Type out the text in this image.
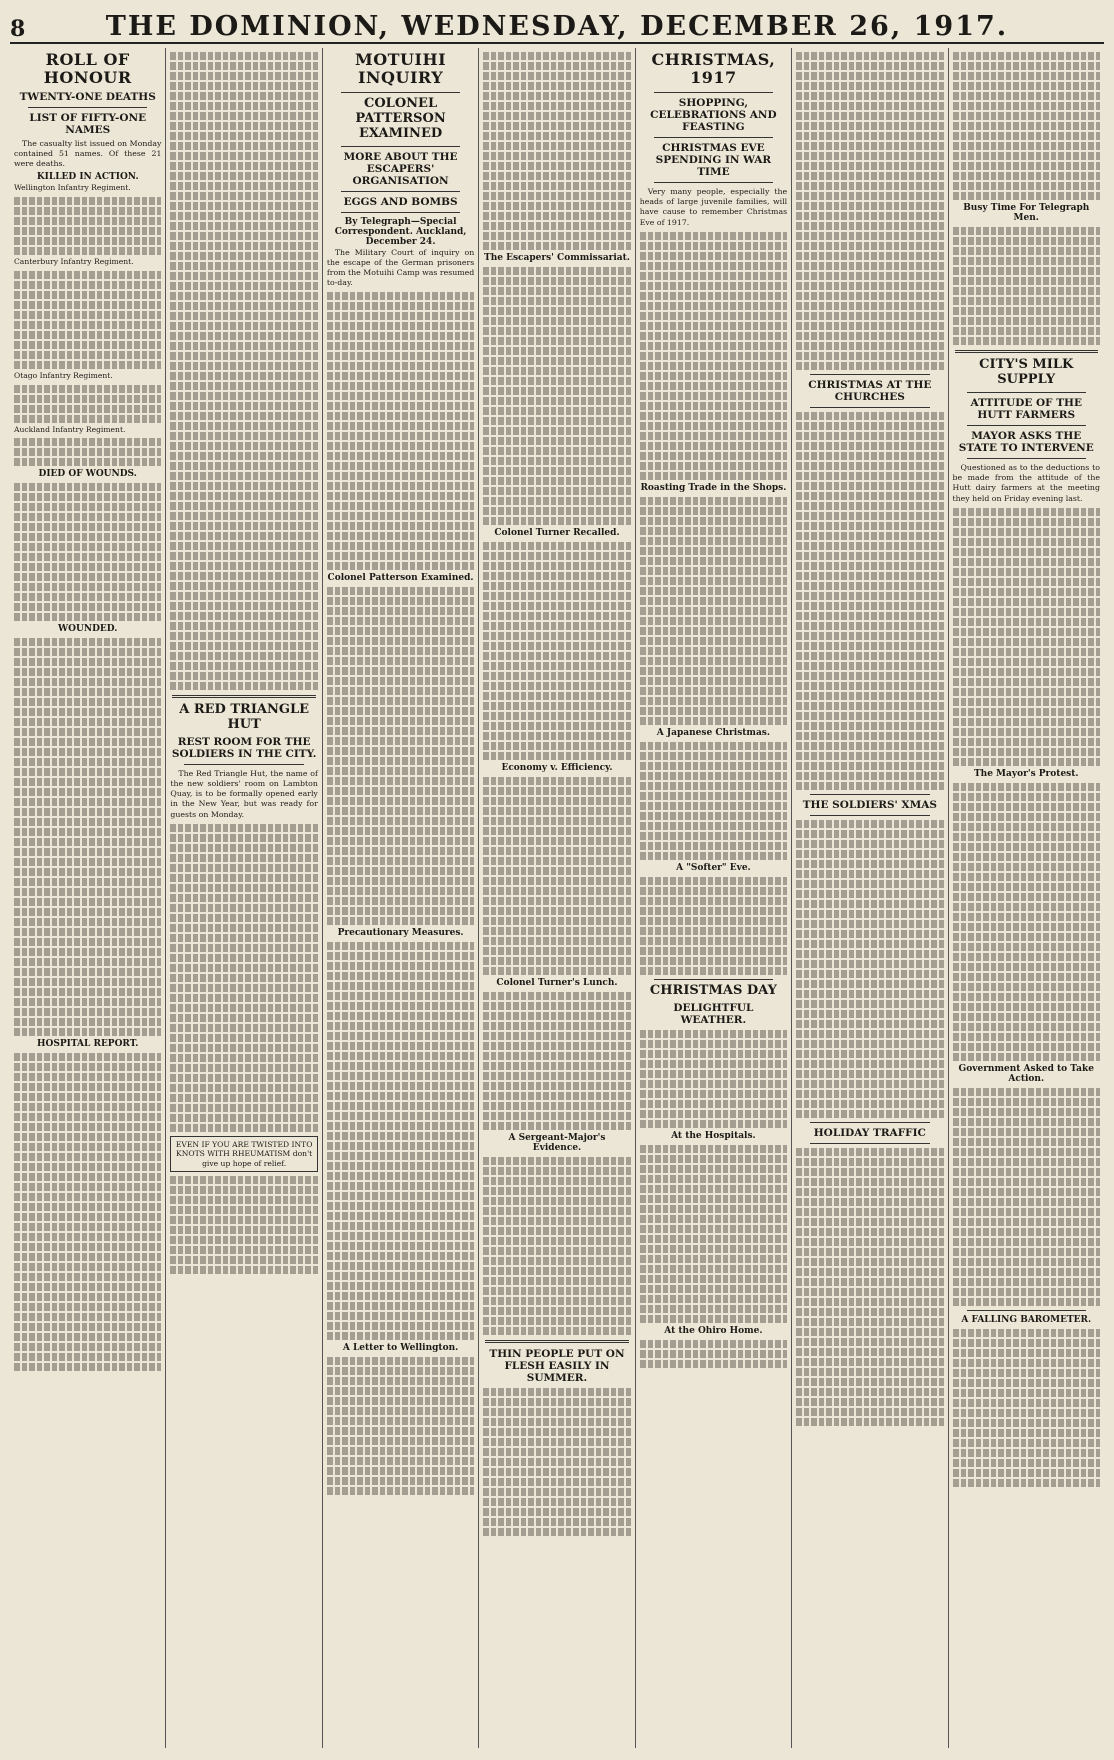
8	THE DOMINION, WEDNESDAY, DECEMBER 26, 1917.
ROLL OF HONOUR
TWENTY-ONE DEATHS
LIST OF FIFTY-ONE NAMES

The casualty list issued on Monday contained 51 names. Of these 21 were deaths.

KILLED IN ACTION.
Wellington Infantry Regiment.
Canterbury Infantry Regiment.
Otago Infantry Regiment.
Auckland Infantry Regiment.
DIED OF WOUNDS.
WOUNDED.
HOSPITAL REPORT.
A RED TRIANGLE HUT
REST ROOM FOR THE SOLDIERS IN THE CITY.

The Red Triangle Hut, the name of the new soldiers' room on Lambton Quay, is to be formally opened early in the New Year, but was ready for guests on Monday.

EVEN IF YOU ARE TWISTED INTO KNOTS WITH RHEUMATISM don't give up hope of relief.
MOTUIHI INQUIRY
COLONEL PATTERSON EXAMINED
MORE ABOUT THE ESCAPERS' ORGANISATION
EGGS AND BOMBS
By Telegraph—Special Correspondent. Auckland, December 24.

The Military Court of inquiry on the escape of the German prisoners from the Motuihi Camp was resumed to-day.

Colonel Patterson Examined.
Precautionary Measures.
A Letter to Wellington.
The Escapers' Commissariat.
Colonel Turner Recalled.
Economy v. Efficiency.
Colonel Turner's Lunch.
A Sergeant-Major's Evidence.
THIN PEOPLE PUT ON FLESH EASILY IN SUMMER.
CHRISTMAS, 1917
SHOPPING, CELEBRATIONS AND FEASTING
CHRISTMAS EVE SPENDING IN WAR TIME

Very many people, especially the heads of large juvenile families, will have cause to remember Christmas Eve of 1917.

Roasting Trade in the Shops.
A Japanese Christmas.
A "Softer" Eve.
CHRISTMAS DAY
DELIGHTFUL WEATHER.
At the Hospitals.
At the Ohiro Home.
CHRISTMAS AT THE CHURCHES
THE SOLDIERS' XMAS
HOLIDAY TRAFFIC
Busy Time For Telegraph Men.
CITY'S MILK SUPPLY
ATTITUDE OF THE HUTT FARMERS
MAYOR ASKS THE STATE TO INTERVENE

Questioned as to the deductions to be made from the attitude of the Hutt dairy farmers at the meeting they held on Friday evening last.

The Mayor's Protest.
Government Asked to Take Action.
A FALLING BAROMETER.
